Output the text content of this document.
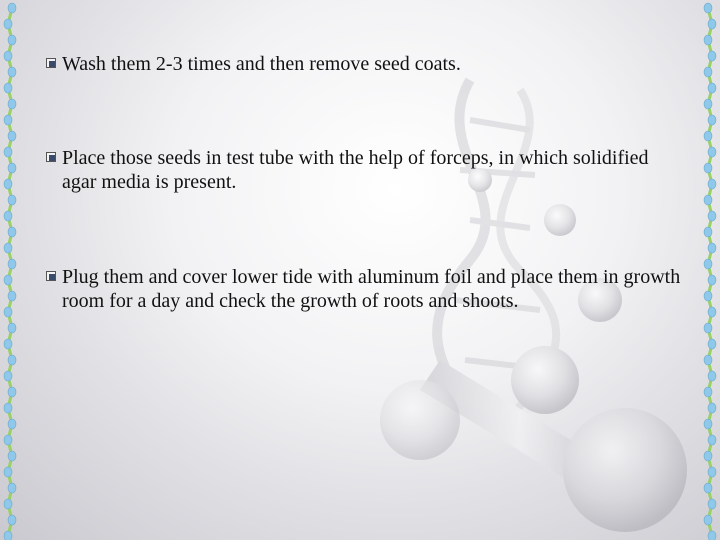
Wash them 2-3 times and then remove seed coats.
Place those seeds in test tube with the help of forceps, in which solidified agar media is present.
Plug them and cover lower tide with aluminum foil and place them in growth room for a day and check the growth of roots and shoots.
